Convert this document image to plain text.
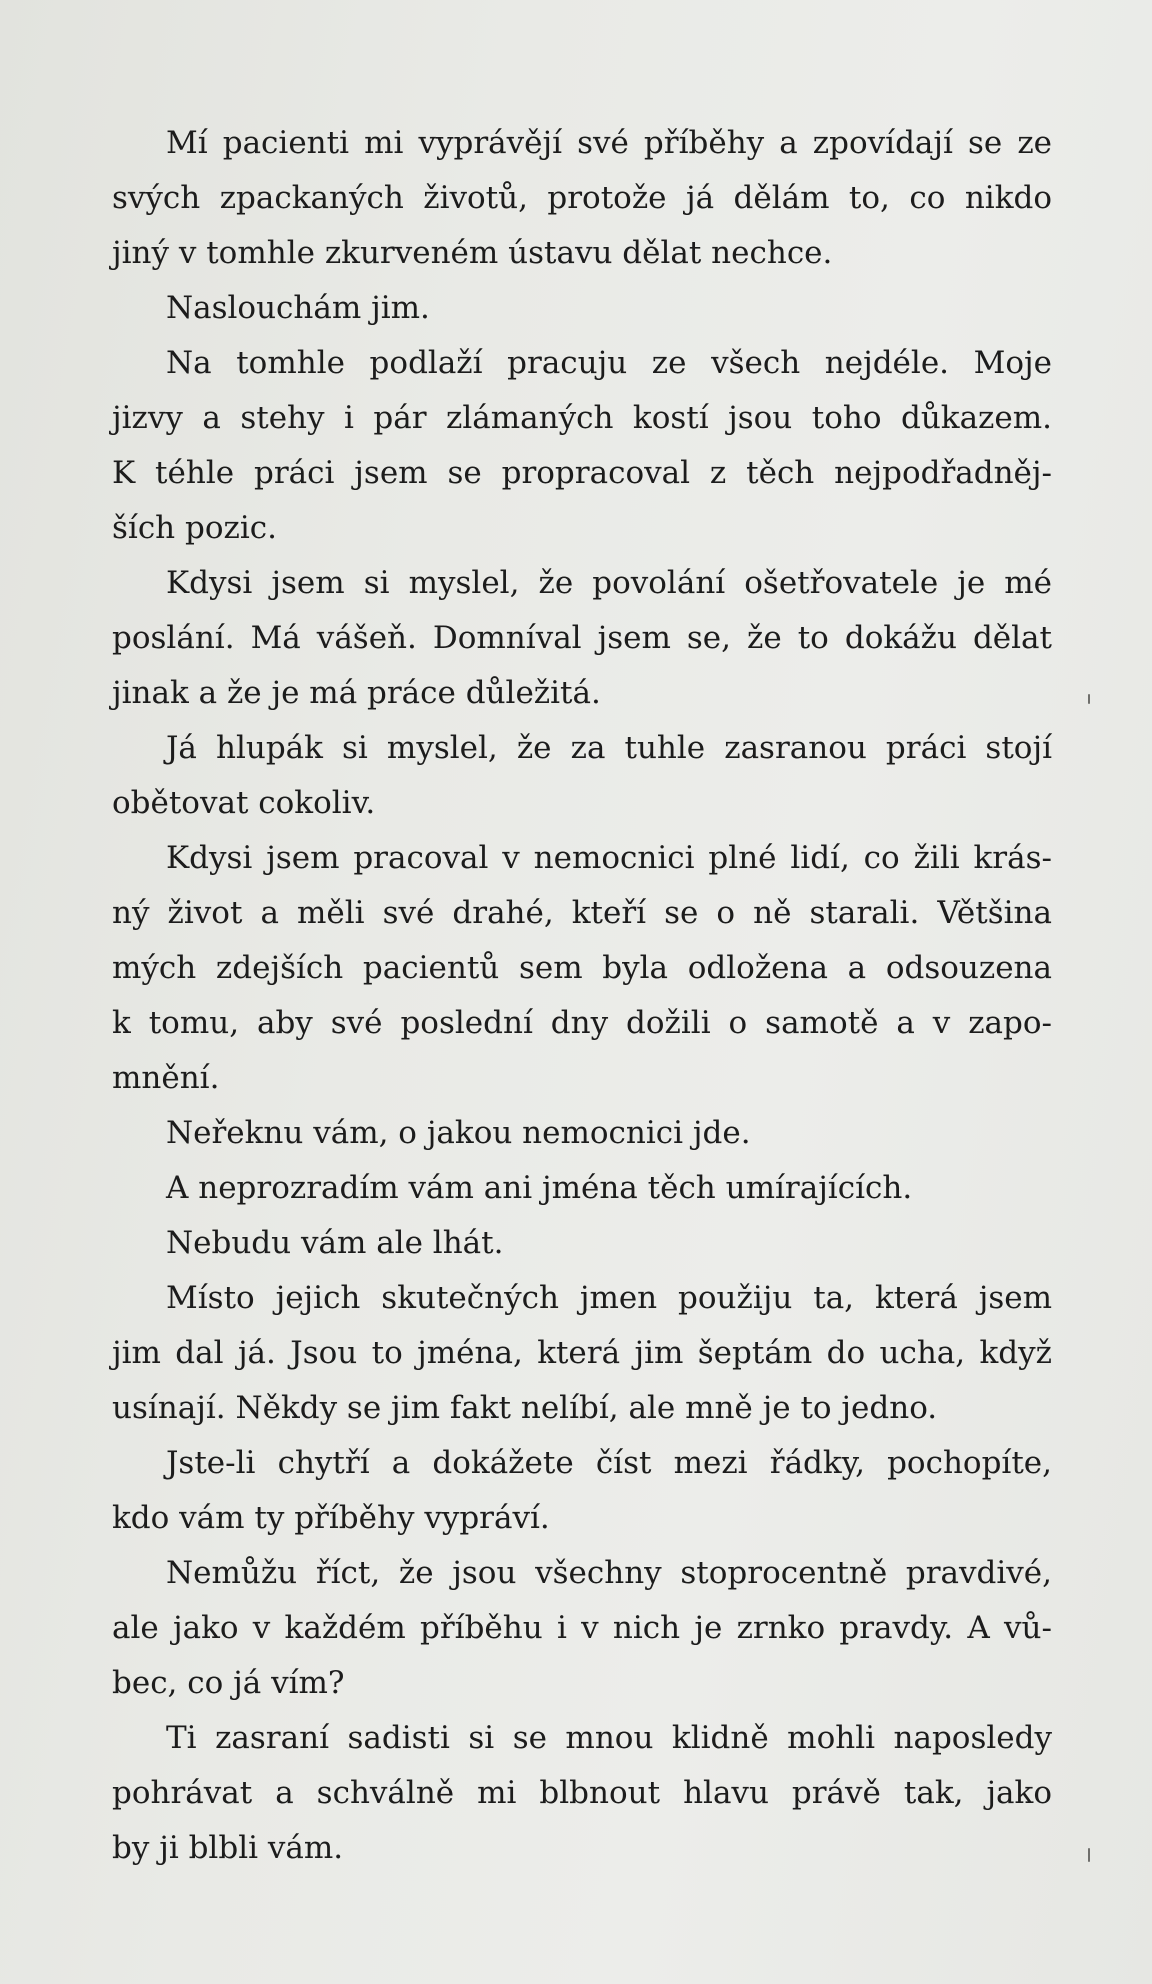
Mí pacienti mi vyprávějí své příběhy a zpovídají se ze
svých zpackaných životů, protože já dělám to, co nikdo
jiný v tomhle zkurveném ústavu dělat nechce.

Naslouchám jim.

Na tomhle podlaží pracuju ze všech nejdéle. Moje
jizvy a stehy i pár zlámaných kostí jsou toho důkazem.
K téhle práci jsem se propracoval z těch nejpodřadněj-
ších pozic.

Kdysi jsem si myslel, že povolání ošetřovatele je mé
poslání. Má vášeň. Domníval jsem se, že to dokážu dělat
jinak a že je má práce důležitá.

Já hlupák si myslel, že za tuhle zasranou práci stojí
obětovat cokoliv.

Kdysi jsem pracoval v nemocnici plné lidí, co žili krás-
ný život a měli své drahé, kteří se o ně starali. Většina
mých zdejších pacientů sem byla odložena a odsouzena
k tomu, aby své poslední dny dožili o samotě a v zapo-
mnění.

Neřeknu vám, o jakou nemocnici jde.

A neprozradím vám ani jména těch umírajících.

Nebudu vám ale lhát.

Místo jejich skutečných jmen použiju ta, která jsem
jim dal já. Jsou to jména, která jim šeptám do ucha, když
usínají. Někdy se jim fakt nelíbí, ale mně je to jedno.

Jste-li chytří a dokážete číst mezi řádky, pochopíte,
kdo vám ty příběhy vypráví.

Nemůžu říct, že jsou všechny stoprocentně pravdivé,
ale jako v každém příběhu i v nich je zrnko pravdy. A vů-
bec, co já vím?

Ti zasraní sadisti si se mnou klidně mohli naposledy
pohrávat a schválně mi blbnout hlavu právě tak, jako
by ji blbli vám.
